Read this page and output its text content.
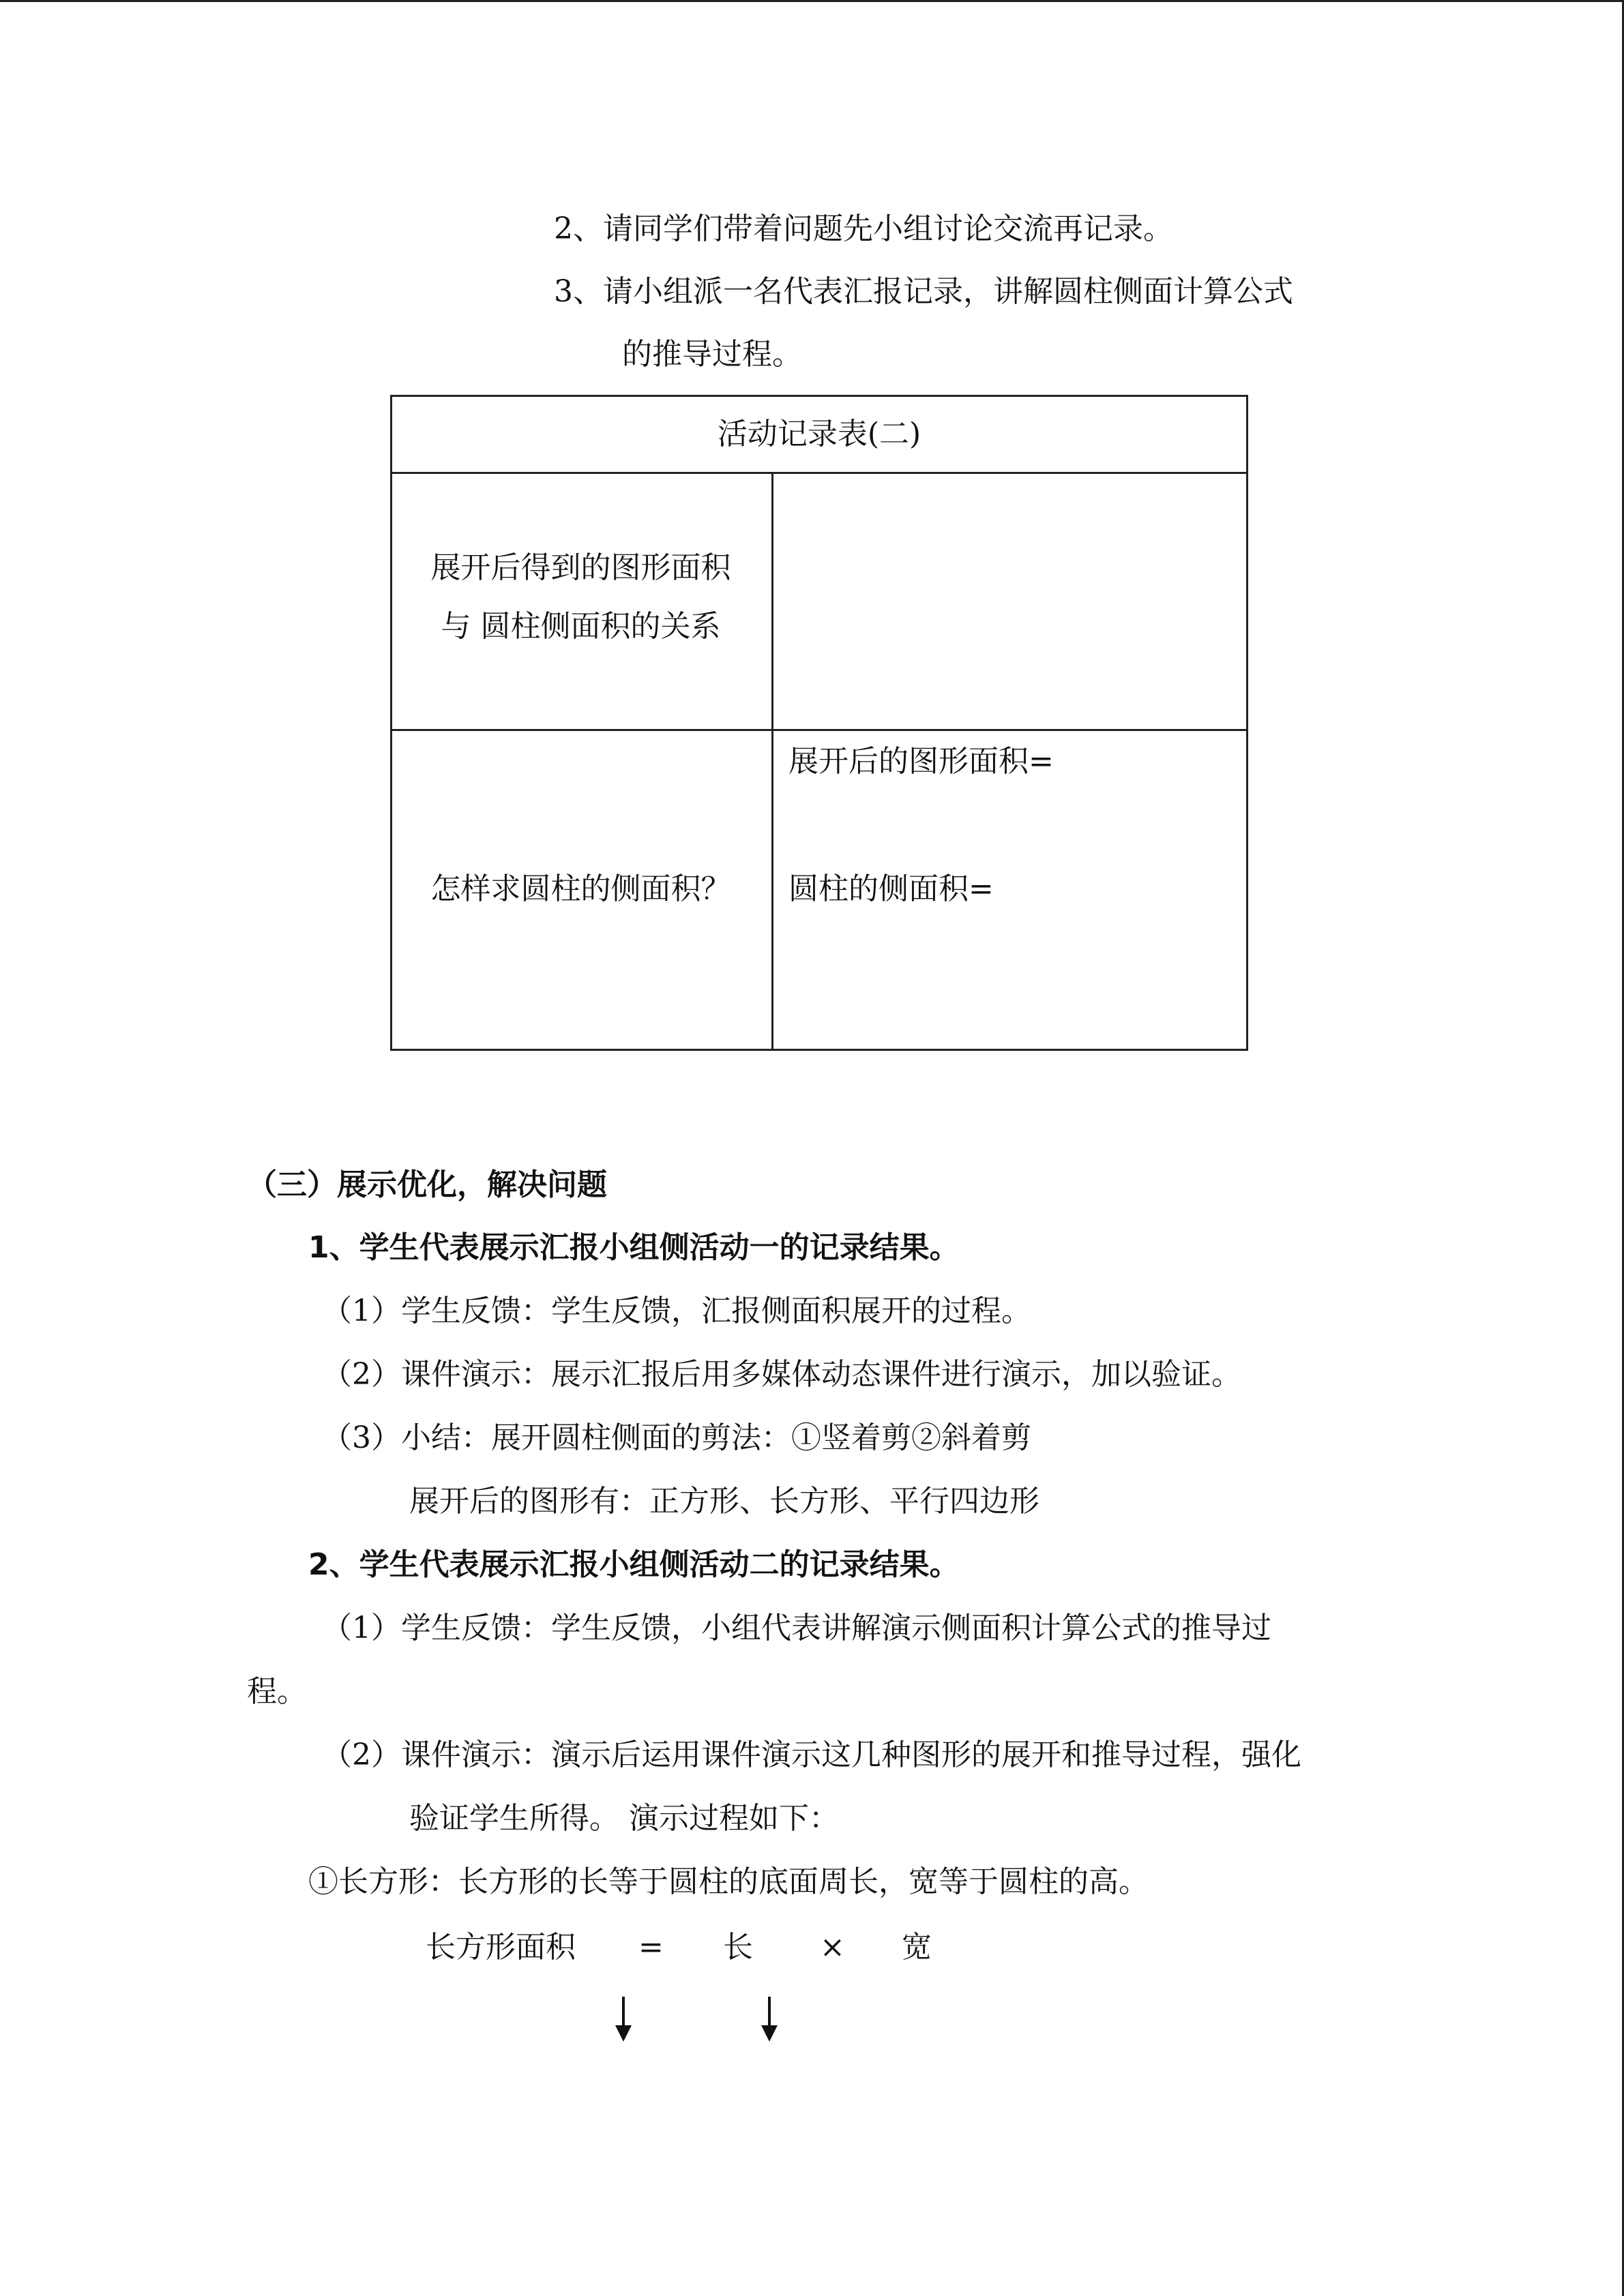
2、请同学们带着问题先小组讨论交流再记录。
3、请小组派一名代表汇报记录，讲解圆柱侧面计算公式
的推导过程。
活动记录表(二)
展开后得到的图形面积
与 圆柱侧面积的关系
怎样求圆柱的侧面积？
展开后的图形面积=
圆柱的侧面积=
（三）展示优化，解决问题
1、学生代表展示汇报小组侧活动一的记录结果。
（1）学生反馈：学生反馈，汇报侧面积展开的过程。
（2）课件演示：展示汇报后用多媒体动态课件进行演示，加以验证。
（3）小结：展开圆柱侧面的剪法：①竖着剪②斜着剪
展开后的图形有：正方形、长方形、平行四边形
2、学生代表展示汇报小组侧活动二的记录结果。
（1）学生反馈：学生反馈，小组代表讲解演示侧面积计算公式的推导过
程。
（2）课件演示：演示后运用课件演示这几种图形的展开和推导过程，强化
验证学生所得。 演示过程如下：
①长方形：长方形的长等于圆柱的底面周长，宽等于圆柱的高。
长方形面积 = 长 × 宽
